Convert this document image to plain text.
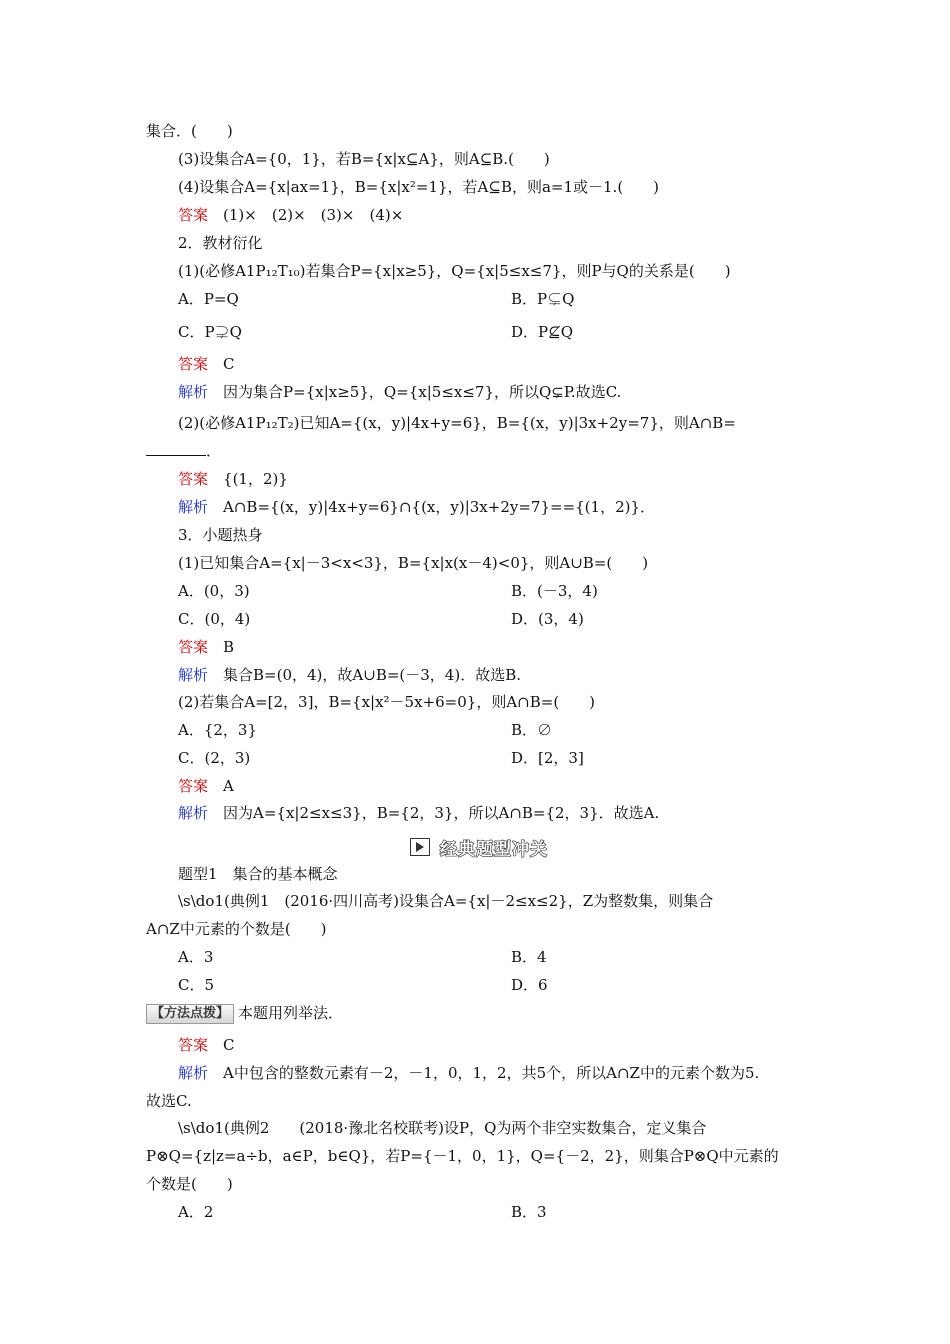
集合．(　　)
(3)设集合A={0，1}，若B={x|x⊆A}，则A⊆B.(　　)
(4)设集合A={x|ax=1}，B={x|x²=1}，若A⊆B，则a=1或－1.(　　)
答案　 (1)×　(2)×　(3)×　(4)×
2．教材衍化
(1)(必修A1P₁₂T₁₀)若集合P={x|x≥5}，Q={x|5≤x≤7}，则P与Q的关系是(　　)
A．P=Q	B．P⊊Q
C．P⊋Q	D．P⊈Q
答案　 C
解析　 因为集合P={x|x≥5}，Q={x|5≤x≤7}，所以Q⊊P.故选C.
(2)(必修A1P₁₂T₂)已知A={(x，y)|4x+y=6}，B={(x，y)|3x+2y=7}，则A∩B=
．
答案　 {(1，2)}
解析　 A∩B={(x，y)|4x+y=6}∩{(x，y)|3x+2y=7}=={(1，2)}．
3．小题热身
(1)已知集合A={x|－3<x<3}，B={x|x(x－4)<0}，则A∪B=(　　)
A．(0，3)	B．(－3，4)
C．(0，4)	D．(3，4)
答案　 B
解析　 集合B=(0，4)，故A∪B=(－3，4)．故选B.
(2)若集合A=[2，3]，B={x|x²－5x+6=0}，则A∩B=(　　)
A．{2，3}	B．∅
C．(2，3)	D．[2，3]
答案　 A
解析　 因为A={x|2≤x≤3}，B={2，3}，所以A∩B={2，3}．故选A.
经典题型冲关
题型1　集合的基本概念
\s\do1(典例1　(2016·四川高考)设集合A={x|－2≤x≤2}，Z为整数集，则集合
A∩Z中元素的个数是(　　)
A．3	B．4
C．5	D．6
【方法点拨】 本题用列举法．
答案　 C
解析　 A中包含的整数元素有－2，－1，0，1，2，共5个，所以A∩Z中的元素个数为5.
故选C.
\s\do1(典例2　　(2018·豫北名校联考)设P，Q为两个非空实数集合，定义集合
P⊗Q={z|z=a÷b，a∈P，b∈Q}，若P={－1，0，1}，Q={－2，2}，则集合P⊗Q中元素的
个数是(　　)
A．2	B．3
